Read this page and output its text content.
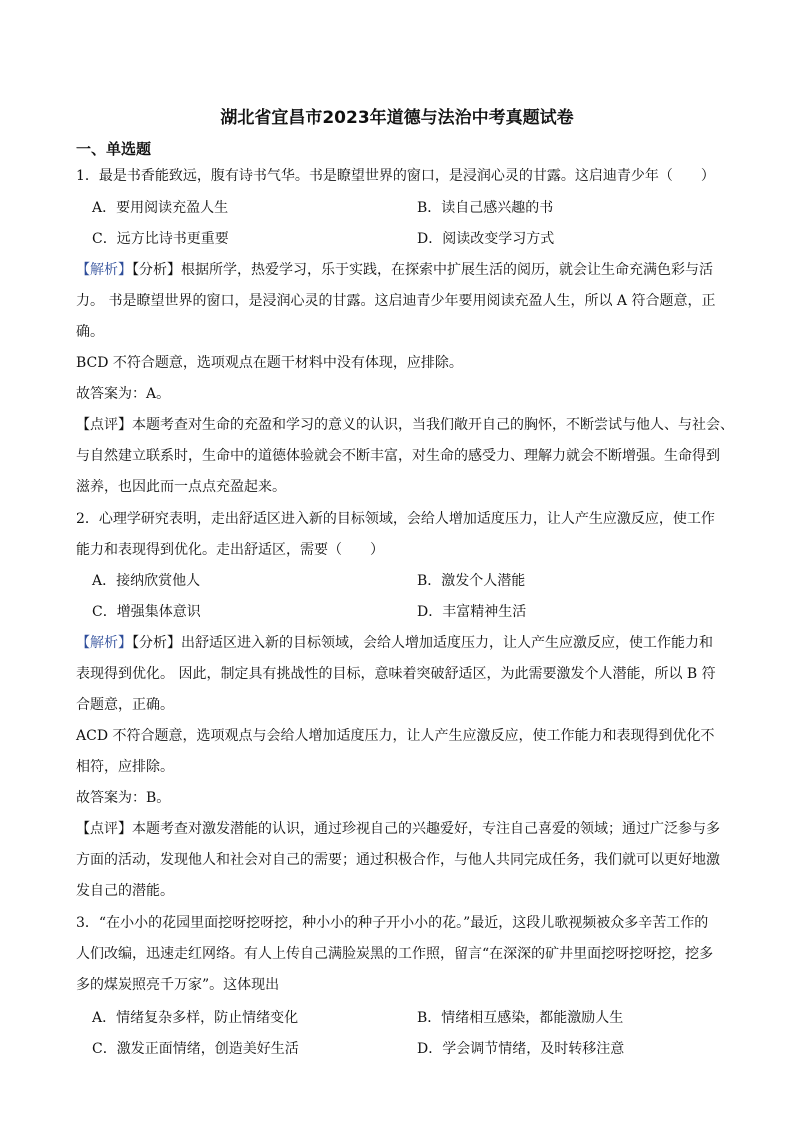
湖北省宜昌市2023年道德与法治中考真题试卷
一、单选题
1．最是书香能致远，腹有诗书气华。书是瞭望世界的窗口，是浸润心灵的甘露。这启迪青少年（　　）
A．要用阅读充盈人生	B．读自己感兴趣的书
C．远方比诗书更重要	D．阅读改变学习方式
【解析】【分析】根据所学，热爱学习，乐于实践，在探索中扩展生活的阅历，就会让生命充满色彩与活
力。 书是瞭望世界的窗口，是浸润心灵的甘露。这启迪青少年要用阅读充盈人生，所以 A 符合题意，正
确。
BCD 不符合题意，选项观点在题干材料中没有体现，应排除。
故答案为：A。
【点评】本题考查对生命的充盈和学习的意义的认识，当我们敞开自己的胸怀，不断尝试与他人、与社会、
与自然建立联系时，生命中的道德体验就会不断丰富，对生命的感受力、理解力就会不断增强。生命得到
滋养，也因此而一点点充盈起来。
2．心理学研究表明，走出舒适区进入新的目标领域，会给人增加适度压力，让人产生应激反应，使工作
能力和表现得到优化。走出舒适区，需要（　　）
A．接纳欣赏他人	B．激发个人潜能
C．增强集体意识	D．丰富精神生活
【解析】【分析】出舒适区进入新的目标领域，会给人增加适度压力，让人产生应激反应，使工作能力和
表现得到优化。 因此，制定具有挑战性的目标，意味着突破舒适区，为此需要激发个人潜能，所以 B 符
合题意，正确。
ACD 不符合题意，选项观点与会给人增加适度压力，让人产生应激反应，使工作能力和表现得到优化不
相符，应排除。
故答案为：B。
【点评】本题考查对激发潜能的认识，通过珍视自己的兴趣爱好，专注自己喜爱的领域；通过广泛参与多
方面的活动，发现他人和社会对自己的需要；通过积极合作，与他人共同完成任务，我们就可以更好地激
发自己的潜能。
3．“在小小的花园里面挖呀挖呀挖，种小小的种子开小小的花。”最近，这段儿歌视频被众多辛苦工作的
人们改编，迅速走红网络。有人上传自己满脸炭黑的工作照，留言“在深深的矿井里面挖呀挖呀挖，挖多
多的煤炭照亮千万家”。这体现出
A．情绪复杂多样，防止情绪变化	B．情绪相互感染，都能激励人生
C．激发正面情绪，创造美好生活	D．学会调节情绪，及时转移注意
